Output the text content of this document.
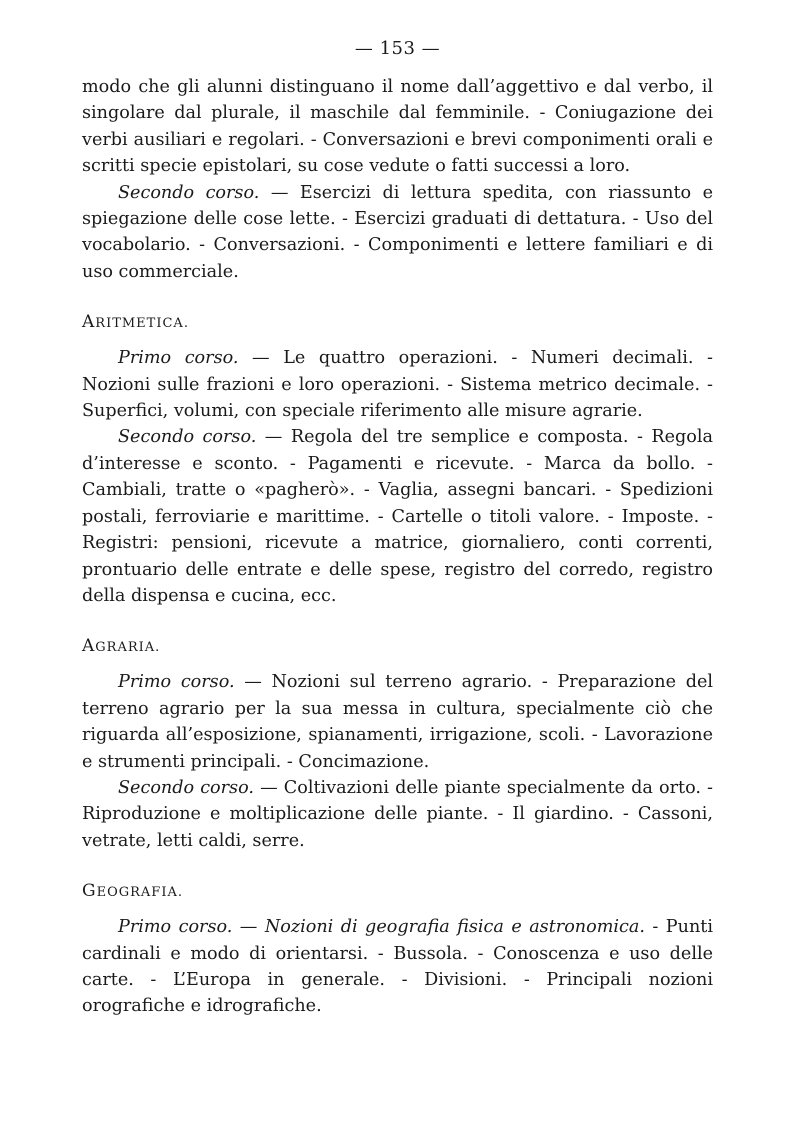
— 153 —

modo che gli alunni distinguano il nome dall’aggettivo e dal verbo, il singolare dal plurale, il maschile dal femminile. - Coniugazione dei verbi ausiliari e regolari. - Conversazioni e brevi componimenti orali e scritti specie epistolari, su cose vedute o fatti successi a loro.

Secondo corso. — Esercizi di lettura spedita, con riassunto e spiegazione delle cose lette. - Esercizi graduati di dettatura. - Uso del vocabolario. - Conversazioni. - Componimenti e lettere familiari e di uso commerciale.

ARITMETICA.

Primo corso. — Le quattro operazioni. - Numeri decimali. - Nozioni sulle frazioni e loro operazioni. - Sistema metrico decimale. - Superfici, volumi, con speciale riferimento alle misure agrarie.

Secondo corso. — Regola del tre semplice e composta. - Regola d’interesse e sconto. - Pagamenti e ricevute. - Marca da bollo. - Cambiali, tratte o «pagherò». - Vaglia, assegni bancari. - Spedizioni postali, ferroviarie e marittime. - Cartelle o titoli valore. - Imposte. - Registri: pensioni, ricevute a matrice, giornaliero, conti correnti, prontuario delle entrate e delle spese, registro del corredo, registro della dispensa e cucina, ecc.

AGRARIA.

Primo corso. — Nozioni sul terreno agrario. - Preparazione del terreno agrario per la sua messa in cultura, specialmente ciò che riguarda all’esposizione, spianamenti, irrigazione, scoli. - Lavorazione e strumenti principali. - Concimazione.

Secondo corso. — Coltivazioni delle piante specialmente da orto. - Riproduzione e moltiplicazione delle piante. - Il giardino. - Cassoni, vetrate, letti caldi, serre.

GEOGRAFIA.

Primo corso. — Nozioni di geografia fisica e astronomica. - Punti cardinali e modo di orientarsi. - Bussola. - Conoscenza e uso delle carte. - L’Europa in generale. - Divisioni. - Principali nozioni orografiche e idrografiche.
